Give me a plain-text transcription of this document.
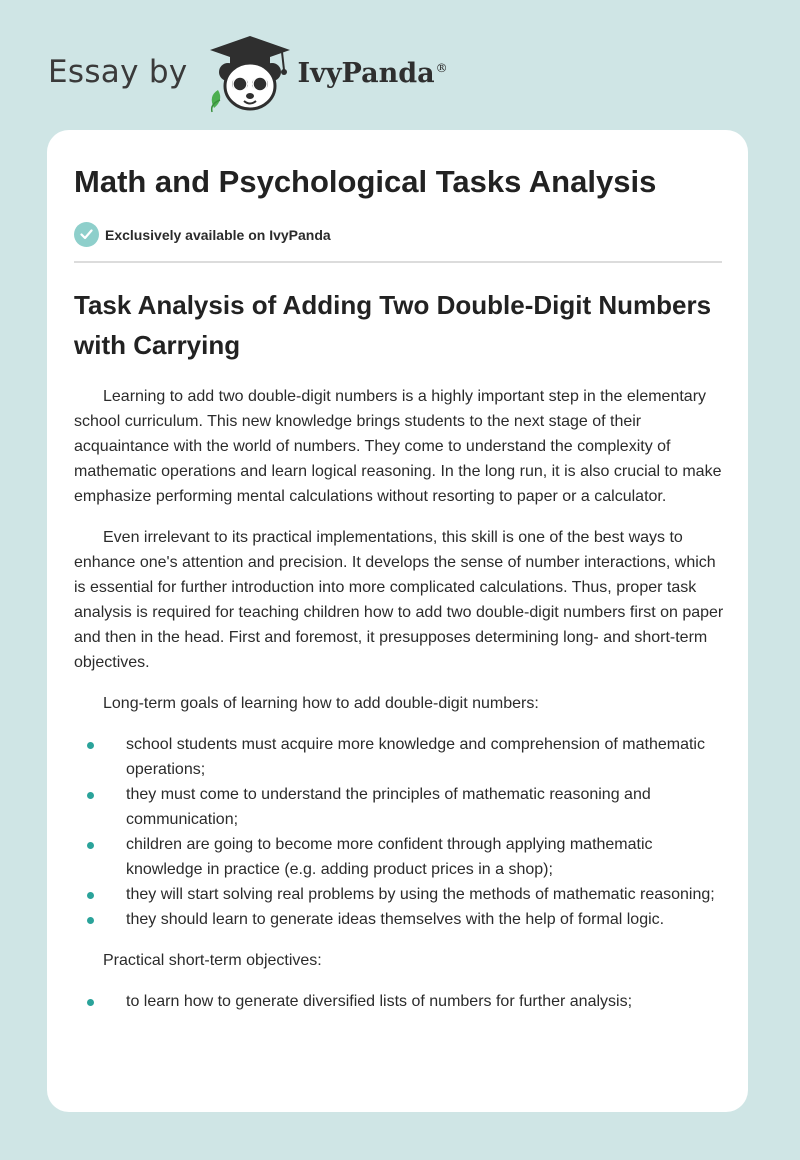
Essay by	IvyPanda®
Math and Psychological Tasks Analysis
Exclusively available on IvyPanda
Task Analysis of Adding Two Double-Digit Numbers with Carrying

Learning to add two double-digit numbers is a highly important step in the elementary school curriculum. This new knowledge brings students to the next stage of their acquaintance with the world of numbers. They come to understand the complexity of mathematic operations and learn logical reasoning. In the long run, it is also crucial to make emphasize performing mental calculations without resorting to paper or a calculator.

Even irrelevant to its practical implementations, this skill is one of the best ways to enhance one's attention and precision. It develops the sense of number interactions, which is essential for further introduction into more complicated calculations. Thus, proper task analysis is required for teaching children how to add two double-digit numbers first on paper and then in the head. First and foremost, it presupposes determining long- and short-term objectives.

Long-term goals of learning how to add double-digit numbers:

school students must acquire more knowledge and comprehension of mathematic operations;
they must come to understand the principles of mathematic reasoning and communication;
children are going to become more confident through applying mathematic knowledge in practice (e.g. adding product prices in a shop);
they will start solving real problems by using the methods of mathematic reasoning;
they should learn to generate ideas themselves with the help of formal logic.

Practical short-term objectives:

to learn how to generate diversified lists of numbers for further analysis;
